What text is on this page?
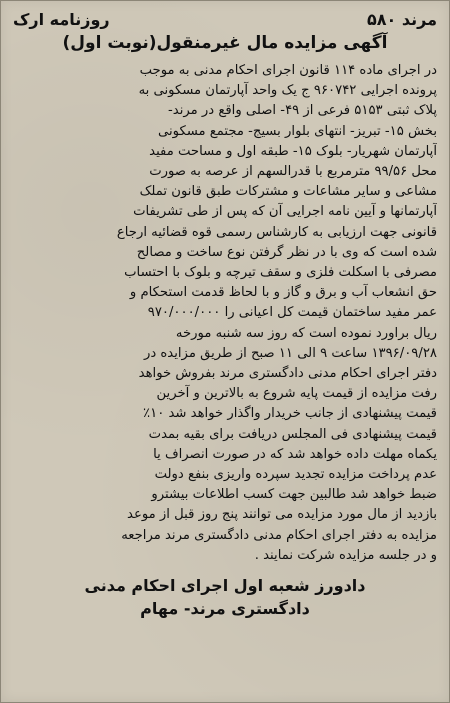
مرند ۵۸۰
روزنامه ارک
آگهی مزایده مال غیرمنقول(نوبت اول)
در اجرای ماده ۱۱۴ قانون اجرای احکام مدنی به موجب
پرونده اجرایی ۹۶۰۷۴۲ ج یک واحد آپارتمان مسکونی به
پلاک ثبتی ۵۱۵۳ فرعی از ۴۹- اصلی واقع در مرند-
بخش ۱۵- تبریز- انتهای بلوار بسیج- مجتمع مسکونی
آپارتمان شهریار- بلوک ۱۵- طبقه اول و مساحت مفید
محل ۹۹/۵۶ مترمربع با قدرالسهم از عرصه به صورت
مشاعی و سایر مشاعات و مشترکات طبق قانون تملک
آپارتمانها و آیین نامه اجرایی آن که پس از طی تشریفات
قانونی جهت ارزیابی به کارشناس رسمی قوه قضائیه ارجاع
شده است که وی با در نظر گرفتن نوع ساخت و مصالح
مصرفی با اسکلت فلزی و سقف تیرچه و بلوک با احتساب
حق انشعاب آب و برق و گاز و با لحاظ قدمت استحکام و
عمر مفید ساختمان قیمت کل اعیانی را ۹۷۰/۰۰۰/۰۰۰
ریال براورد نموده است که روز سه شنبه مورخه
۱۳۹۶/۰۹/۲۸ ساعت ۹ الی ۱۱ صبح از طریق مزایده در
دفتر اجرای احکام مدنی دادگستری مرند بفروش خواهد
رفت مزایده از قیمت پایه شروع به بالاترین و آخرین
قیمت پیشنهادی از جانب خریدار واگذار خواهد شد ۱۰٪
قیمت پیشنهادی فی المجلس دریافت برای بقیه بمدت
یکماه مهلت داده خواهد شد که در صورت انصراف یا
عدم پرداخت مزایده تجدید سپرده واریزی بنفع دولت
ضبط خواهد شد طالبین جهت کسب اطلاعات بیشترو
بازدید از مال مورد مزایده می توانند پنج روز قبل از موعد
مزایده به دفتر اجرای احکام مدنی دادگستری مرند مراجعه
و در جلسه مزایده شرکت نمایند .
دادورز شعبه اول اجرای احکام مدنی
دادگستری مرند- مهام
